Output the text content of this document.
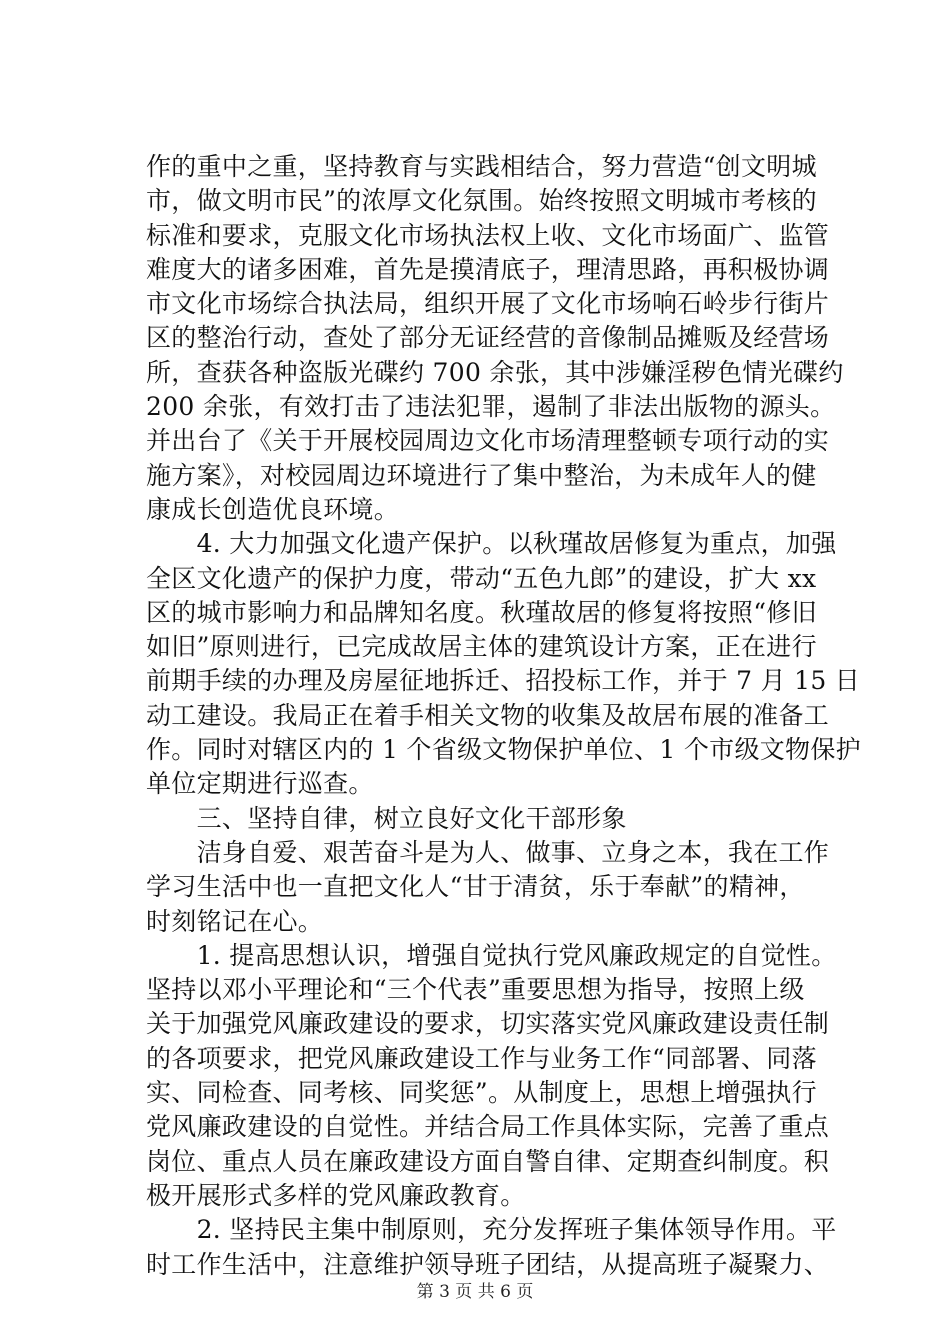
作的重中之重，坚持教育与实践相结合，努力营造“创文明城
市，做文明市民”的浓厚文化氛围。始终按照文明城市考核的
标准和要求，克服文化市场执法权上收、文化市场面广、监管
难度大的诸多困难，首先是摸清底子，理清思路，再积极协调
市文化市场综合执法局，组织开展了文化市场响石岭步行街片
区的整治行动，查处了部分无证经营的音像制品摊贩及经营场
所，查获各种盗版光碟约 700 余张，其中涉嫌淫秽色情光碟约
200 余张，有效打击了违法犯罪，遏制了非法出版物的源头。
并出台了《关于开展校园周边文化市场清理整顿专项行动的实
施方案》，对校园周边环境进行了集中整治，为未成年人的健
康成长创造优良环境。
　　4. 大力加强文化遗产保护。以秋瑾故居修复为重点，加强
全区文化遗产的保护力度，带动“五色九郎”的建设，扩大 xx
区的城市影响力和品牌知名度。秋瑾故居的修复将按照“修旧
如旧”原则进行，已完成故居主体的建筑设计方案，正在进行
前期手续的办理及房屋征地拆迁、招投标工作，并于 7 月 15 日
动工建设。我局正在着手相关文物的收集及故居布展的准备工
作。同时对辖区内的 1 个省级文物保护单位、1 个市级文物保护
单位定期进行巡查。
　　三、坚持自律，树立良好文化干部形象
　　洁身自爱、艰苦奋斗是为人、做事、立身之本，我在工作
学习生活中也一直把文化人“甘于清贫，乐于奉献”的精神，
时刻铭记在心。
　　1. 提高思想认识，增强自觉执行党风廉政规定的自觉性。
坚持以邓小平理论和“三个代表”重要思想为指导，按照上级
关于加强党风廉政建设的要求，切实落实党风廉政建设责任制
的各项要求，把党风廉政建设工作与业务工作“同部署、同落
实、同检查、同考核、同奖惩”。从制度上，思想上增强执行
党风廉政建设的自觉性。并结合局工作具体实际，完善了重点
岗位、重点人员在廉政建设方面自警自律、定期查纠制度。积
极开展形式多样的党风廉政教育。
　　2. 坚持民主集中制原则，充分发挥班子集体领导作用。平
时工作生活中，注意维护领导班子团结，从提高班子凝聚力、
第 3 页 共 6 页
